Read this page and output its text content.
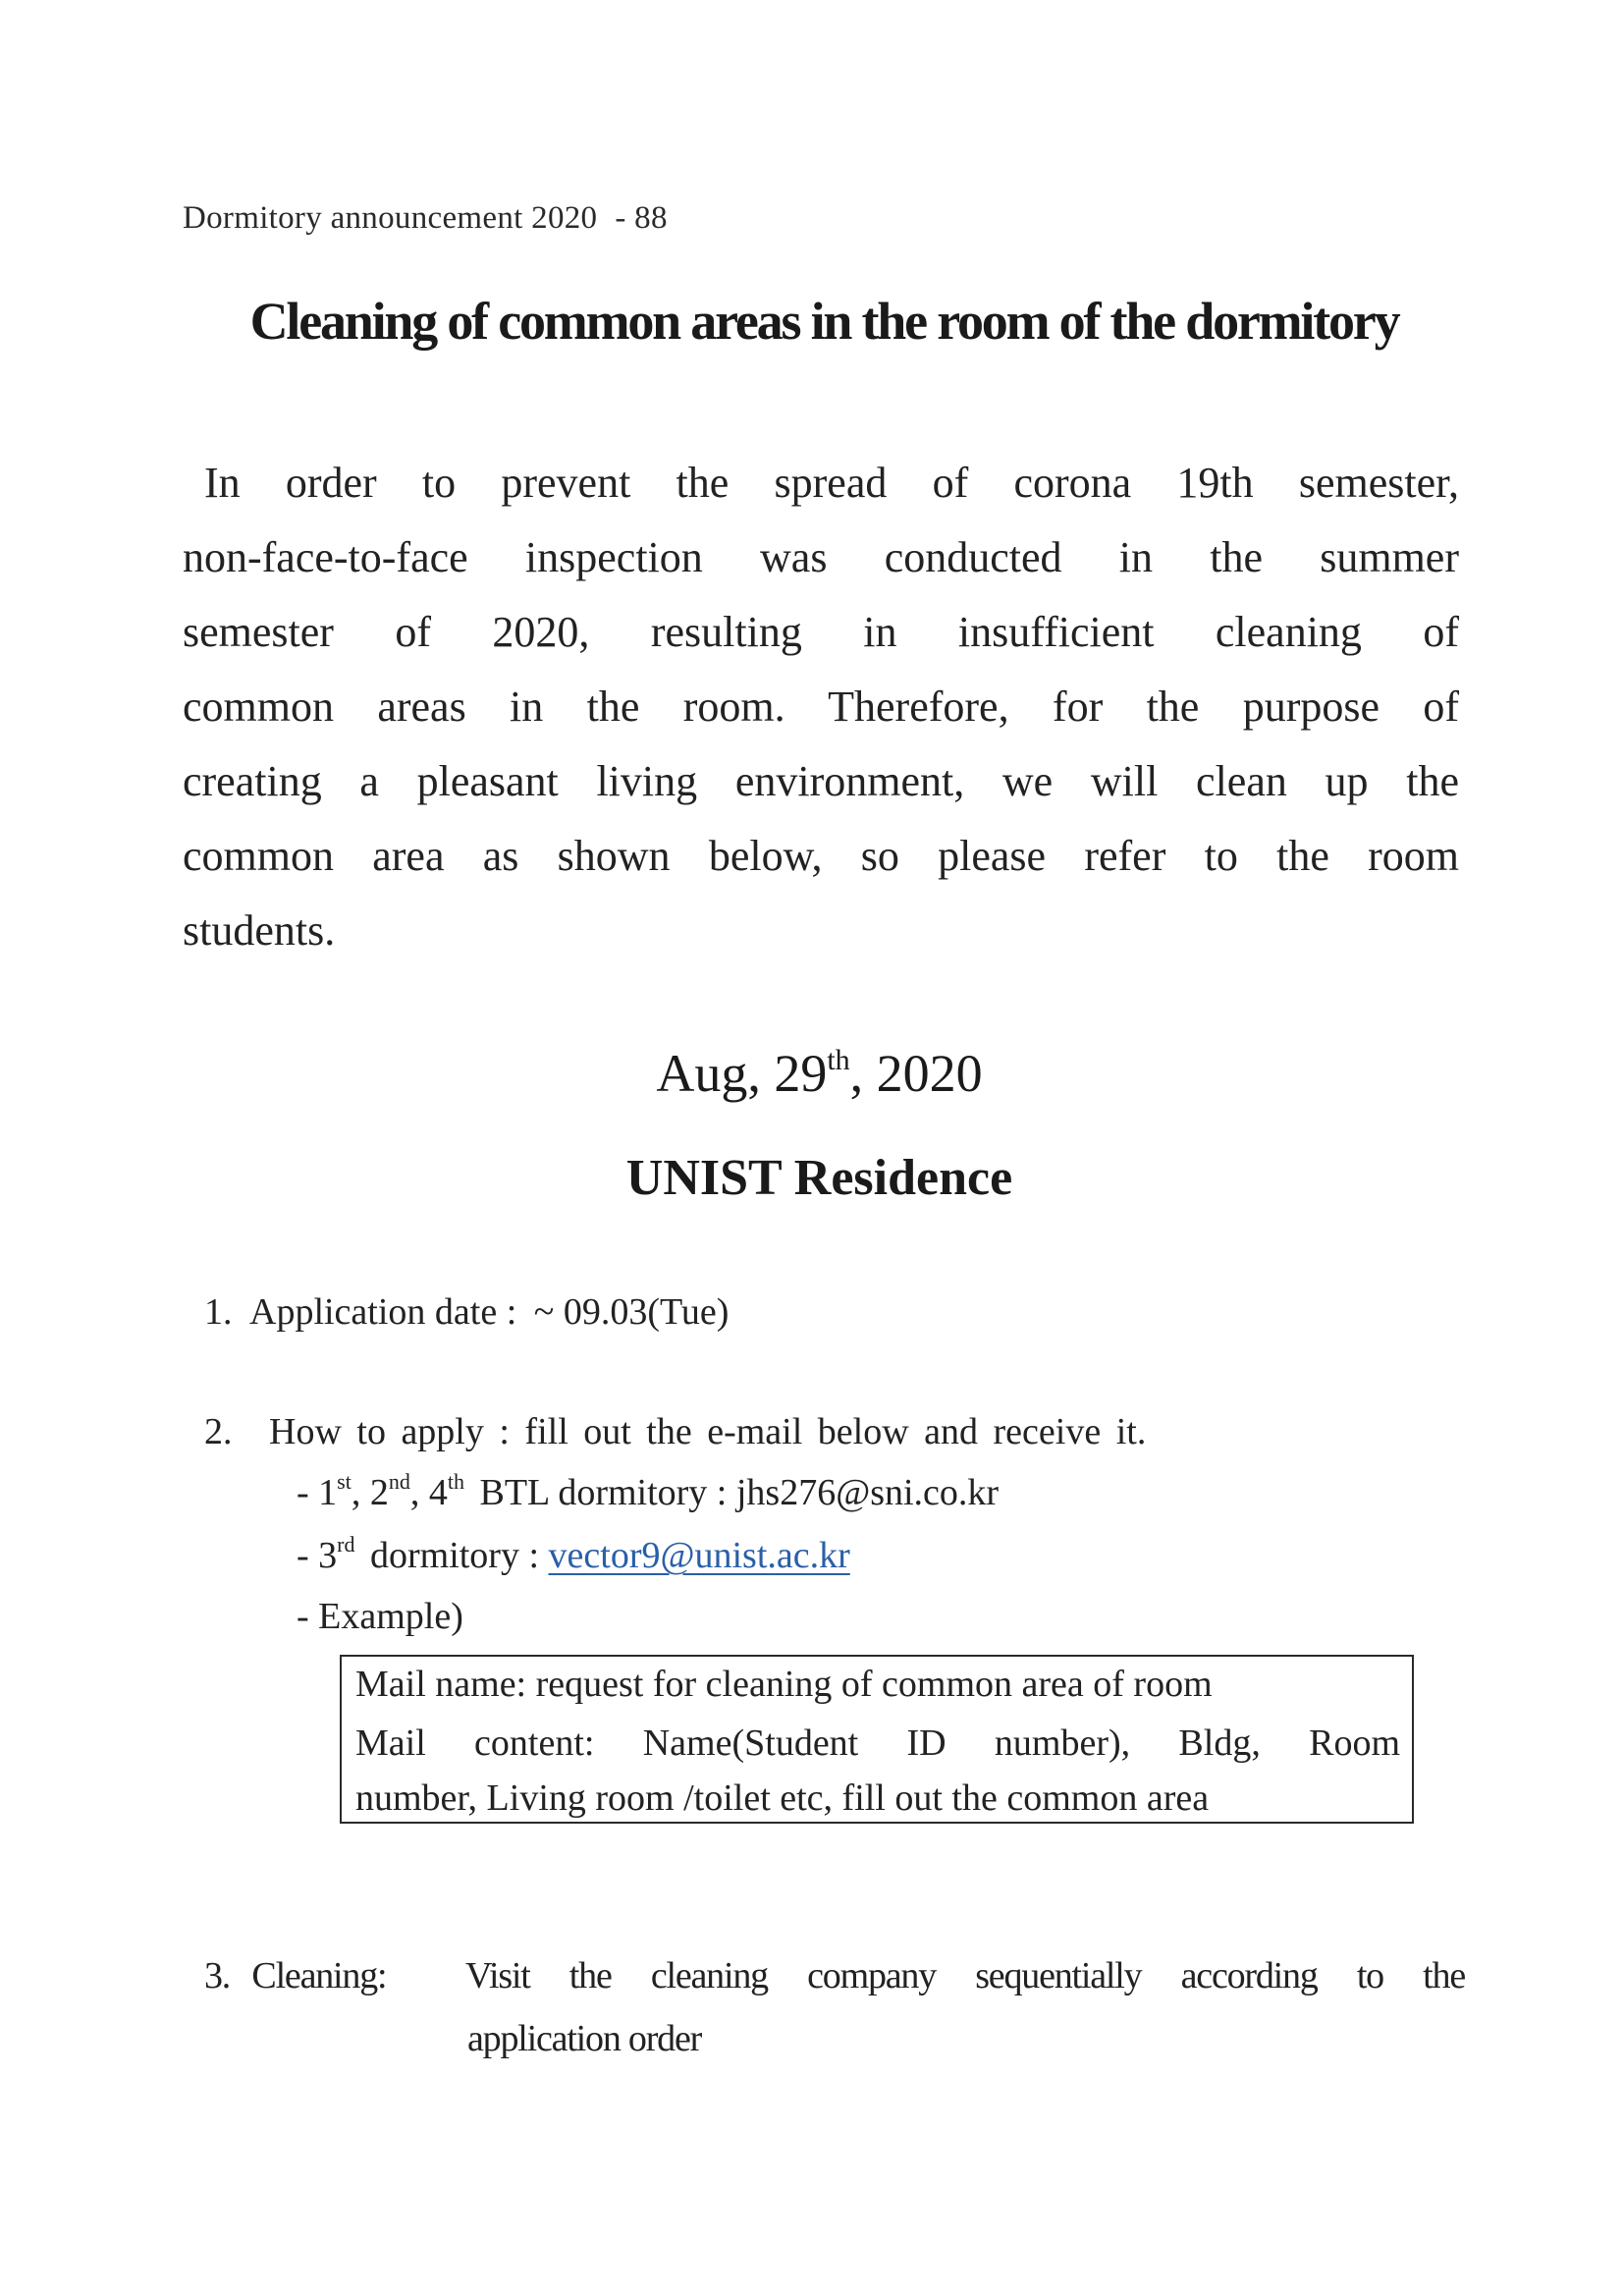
Dormitory announcement 2020 - 88
Cleaning of common areas in the room of the dormitory
In order to prevent the spread of corona 19th semester,
non-face-to-face inspection was conducted in the summer
semester of 2020, resulting in insufficient cleaning of
common areas in the room. Therefore, for the purpose of
creating a pleasant living environment, we will clean up the
common area as shown below, so please refer to the room
students.
Aug, 29th, 2020
UNIST Residence
1. Application date : ~ 09.03(Tue)
2. How to apply : fill out the e-mail below and receive it.
- 1st, 2nd, 4th BTL dormitory : jhs276@sni.co.kr
- 3rd dormitory : vector9@unist.ac.kr
- Example)
Mail name: request for cleaning of common area of room
Mail content: Name(Student ID number), Bldg, Room
number, Living room /toilet etc, fill out the common area
3. Cleaning: Visit the cleaning company sequentially according to the
application order
